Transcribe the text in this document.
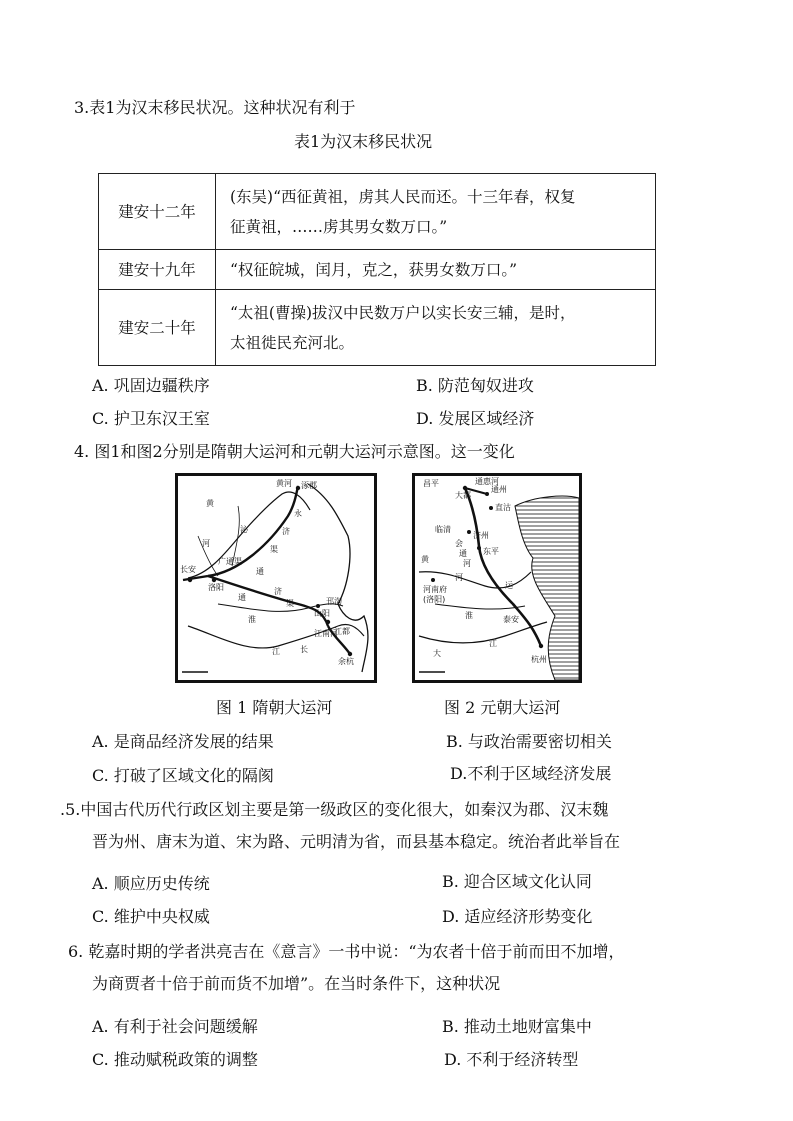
3.表1为汉末移民状况。这种状况有利于
表1为汉末移民状况
建安十二年	(东吴)“西征黄祖，虏其人民而还。十三年春，权复
征黄祖，……虏其男女数万口。”

建安十九年	“权征皖城，闰月，克之，获男女数万口。”

建安二十年	“太祖(曹操)拔汉中民数万户以实长安三辅，是时，
太祖徙民充河北。
A. 巩固边疆秩序	B. 防范匈奴进攻
C. 护卫东汉王室	D. 发展区域经济
4. 图1和图2分别是隋朝大运河和元朝大运河示意图。这一变化
涿郡
黄
河
永
济
渠
长安
洛阳
通
济
渠
广通渠
淮
邗沟
江南河
余杭
长
江
沁
黄河
通
山阳
江都
昌平
大都
通州
通惠河
直沽
临清
济州
东平
会
通
河
黄
河
河南府
(洛阳)
淮	泰安
江
杭州
大
运
图 1 隋朝大运河	图 2 元朝大运河
A. 是商品经济发展的结果	B. 与政治需要密切相关
C. 打破了区域文化的隔阂	D.不利于区域经济发展
.5.中国古代历代行政区划主要是第一级政区的变化很大，如秦汉为郡、汉末魏
晋为州、唐末为道、宋为路、元明清为省，而县基本稳定。统治者此举旨在
A. 顺应历史传统	B. 迎合区域文化认同
C. 维护中央权威	D. 适应经济形势变化
6. 乾嘉时期的学者洪亮吉在《意言》一书中说：“为农者十倍于前而田不加增，
为商贾者十倍于前而货不加增”。在当时条件下，这种状况
A. 有利于社会问题缓解	B. 推动土地财富集中
C. 推动赋税政策的调整	D. 不利于经济转型
